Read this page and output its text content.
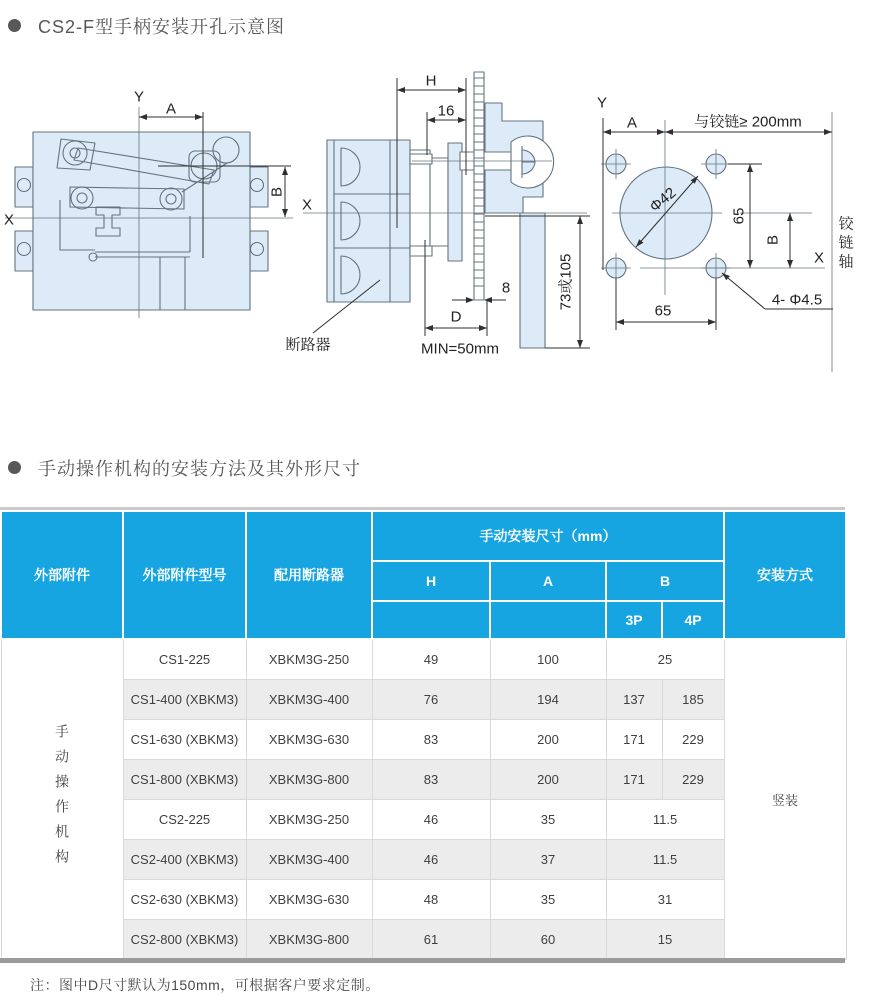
CS2-F型手柄安装开孔示意图
Y
A
X
B
H
16
X
8
D
MIN=50mm
73或105
断路器
Y
A	与铰链≥ 200mm
Φ42
65
B
X
65
4- Φ4.5
铰链轴
手动操作机构的安装方法及其外形尺寸
外部附件	外部附件型号	配用断路器	手动安装尺寸（mm）				安装方式
			H	A	B		
					3P	4P	

手动操作机构	CS1-225	XBKM3G-250	49	100	25		竖装
	CS1-400 (XBKM3)	XBKM3G-400	76	194	137	185	
	CS1-630 (XBKM3)	XBKM3G-630	83	200	171	229	
	CS1-800 (XBKM3)	XBKM3G-800	83	200	171	229	
	CS2-225	XBKM3G-250	46	35	11.5		
	CS2-400 (XBKM3)	XBKM3G-400	46	37	11.5		
	CS2-630 (XBKM3)	XBKM3G-630	48	35	31		
	CS2-800 (XBKM3)	XBKM3G-800	61	60	15		
注：图中D尺寸默认为150mm，可根据客户要求定制。
